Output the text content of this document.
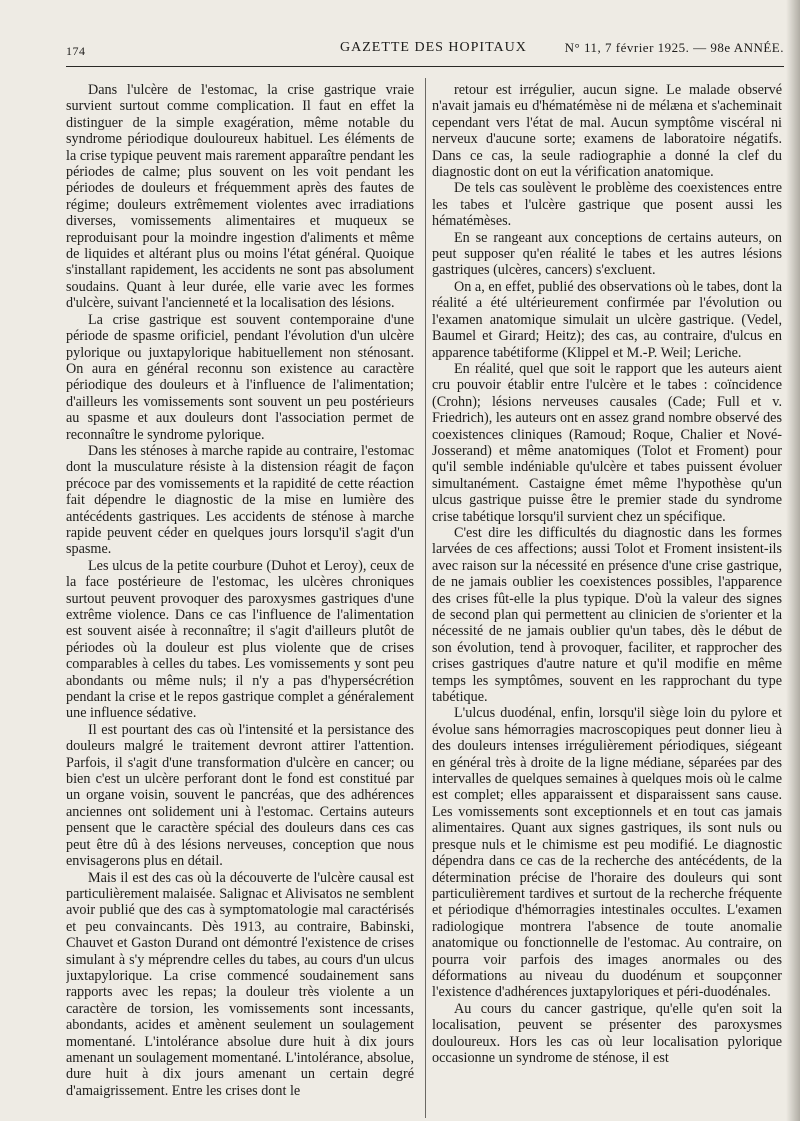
174	GAZETTE DES HOPITAUX	N° 11, 7 février 1925. — 98e ANNÉE.

Dans l'ulcère de l'estomac, la crise gastrique vraie survient surtout comme complication. Il faut en effet la distinguer de la simple exagération, même notable du syndrome périodique douloureux habituel. Les éléments de la crise typique peuvent mais rarement apparaître pendant les périodes de calme; plus souvent on les voit pendant les périodes de douleurs et fréquemment après des fautes de régime; douleurs extrêmement violentes avec irradiations diverses, vomissements alimentaires et muqueux se reproduisant pour la moindre ingestion d'aliments et même de liquides et altérant plus ou moins l'état général. Quoique s'installant rapidement, les accidents ne sont pas absolument soudains. Quant à leur durée, elle varie avec les formes d'ulcère, suivant l'ancienneté et la localisation des lésions.

La crise gastrique est souvent contemporaine d'une période de spasme orificiel, pendant l'évolution d'un ulcère pylorique ou juxtapylorique habituellement non sténosant. On aura en général reconnu son existence au caractère périodique des douleurs et à l'influence de l'alimentation; d'ailleurs les vomissements sont souvent un peu postérieurs au spasme et aux douleurs dont l'association permet de reconnaître le syndrome pylorique.

Dans les sténoses à marche rapide au contraire, l'estomac dont la musculature résiste à la distension réagit de façon précoce par des vomissements et la rapidité de cette réaction fait dépendre le diagnostic de la mise en lumière des antécédents gastriques. Les accidents de sténose à marche rapide peuvent céder en quelques jours lorsqu'il s'agit d'un spasme.

Les ulcus de la petite courbure (Duhot et Leroy), ceux de la face postérieure de l'estomac, les ulcères chroniques surtout peuvent provoquer des paroxysmes gastriques d'une extrême violence. Dans ce cas l'influence de l'alimentation est souvent aisée à reconnaître; il s'agit d'ailleurs plutôt de périodes où la douleur est plus violente que de crises comparables à celles du tabes. Les vomissements y sont peu abondants ou même nuls; il n'y a pas d'hypersécrétion pendant la crise et le repos gastrique complet a généralement une influence sédative.

Il est pourtant des cas où l'intensité et la persistance des douleurs malgré le traitement devront attirer l'attention. Parfois, il s'agit d'une transformation d'ulcère en cancer; ou bien c'est un ulcère perforant dont le fond est constitué par un organe voisin, souvent le pancréas, que des adhérences anciennes ont solidement uni à l'estomac. Certains auteurs pensent que le caractère spécial des douleurs dans ces cas peut être dû à des lésions nerveuses, conception que nous envisagerons plus en détail.

Mais il est des cas où la découverte de l'ulcère causal est particulièrement malaisée. Salignac et Alivisatos ne semblent avoir publié que des cas à symptomatologie mal caractérisés et peu convaincants. Dès 1913, au contraire, Babinski, Chauvet et Gaston Durand ont démontré l'existence de crises simulant à s'y méprendre celles du tabes, au cours d'un ulcus juxtapylorique. La crise commencé soudainement sans rapports avec les repas; la douleur très violente a un caractère de torsion, les vomissements sont incessants, abondants, acides et amènent seulement un soulagement momentané. L'intolérance absolue dure huit à dix jours amenant un soulagement momentané. L'intolérance, absolue, dure huit à dix jours amenant un certain degré d'amaigrissement. Entre les crises dont le

retour est irrégulier, aucun signe. Le malade observé n'avait jamais eu d'hématémèse ni de mélæna et s'acheminait cependant vers l'état de mal. Aucun symptôme viscéral ni nerveux d'aucune sorte; examens de laboratoire négatifs. Dans ce cas, la seule radiographie a donné la clef du diagnostic dont on eut la vérification anatomique.

De tels cas soulèvent le problème des coexistences entre les tabes et l'ulcère gastrique que posent aussi les hématémèses.

En se rangeant aux conceptions de certains auteurs, on peut supposer qu'en réalité le tabes et les autres lésions gastriques (ulcères, cancers) s'excluent.

On a, en effet, publié des observations où le tabes, dont la réalité a été ultérieurement confirmée par l'évolution ou l'examen anatomique simulait un ulcère gastrique. (Vedel, Baumel et Girard; Heitz); des cas, au contraire, d'ulcus en apparence tabétiforme (Klippel et M.-P. Weil; Leriche.

En réalité, quel que soit le rapport que les auteurs aient cru pouvoir établir entre l'ulcère et le tabes : coïncidence (Crohn); lésions nerveuses causales (Cade; Full et v. Friedrich), les auteurs ont en assez grand nombre observé des coexistences cliniques (Ramoud; Roque, Chalier et Nové-Josserand) et même anatomiques (Tolot et Froment) pour qu'il semble indéniable qu'ulcère et tabes puissent évoluer simultanément. Castaigne émet même l'hypothèse qu'un ulcus gastrique puisse être le premier stade du syndrome crise tabétique lorsqu'il survient chez un spécifique.

C'est dire les difficultés du diagnostic dans les formes larvées de ces affections; aussi Tolot et Froment insistent-ils avec raison sur la nécessité en présence d'une crise gastrique, de ne jamais oublier les coexistences possibles, l'apparence des crises fût-elle la plus typique. D'où la valeur des signes de second plan qui permettent au clinicien de s'orienter et la nécessité de ne jamais oublier qu'un tabes, dès le début de son évolution, tend à provoquer, faciliter, et rapprocher des crises gastriques d'autre nature et qu'il modifie en même temps les symptômes, souvent en les rapprochant du type tabétique.

L'ulcus duodénal, enfin, lorsqu'il siège loin du pylore et évolue sans hémorragies macroscopiques peut donner lieu à des douleurs intenses irrégulièrement périodiques, siégeant en général très à droite de la ligne médiane, séparées par des intervalles de quelques semaines à quelques mois où le calme est complet; elles apparaissent et disparaissent sans cause. Les vomissements sont exceptionnels et en tout cas jamais alimentaires. Quant aux signes gastriques, ils sont nuls ou presque nuls et le chimisme est peu modifié. Le diagnostic dépendra dans ce cas de la recherche des antécédents, de la détermination précise de l'horaire des douleurs qui sont particulièrement tardives et surtout de la recherche fréquente et périodique d'hémorragies intestinales occultes. L'examen radiologique montrera l'absence de toute anomalie anatomique ou fonctionnelle de l'estomac. Au contraire, on pourra voir parfois des images anormales ou des déformations au niveau du duodénum et soupçonner l'existence d'adhérences juxtapyloriques et péri-duodénales.

Au cours du cancer gastrique, qu'elle qu'en soit la localisation, peuvent se présenter des paroxysmes douloureux. Hors les cas où leur localisation pylorique occasionne un syndrome de sténose, il est
